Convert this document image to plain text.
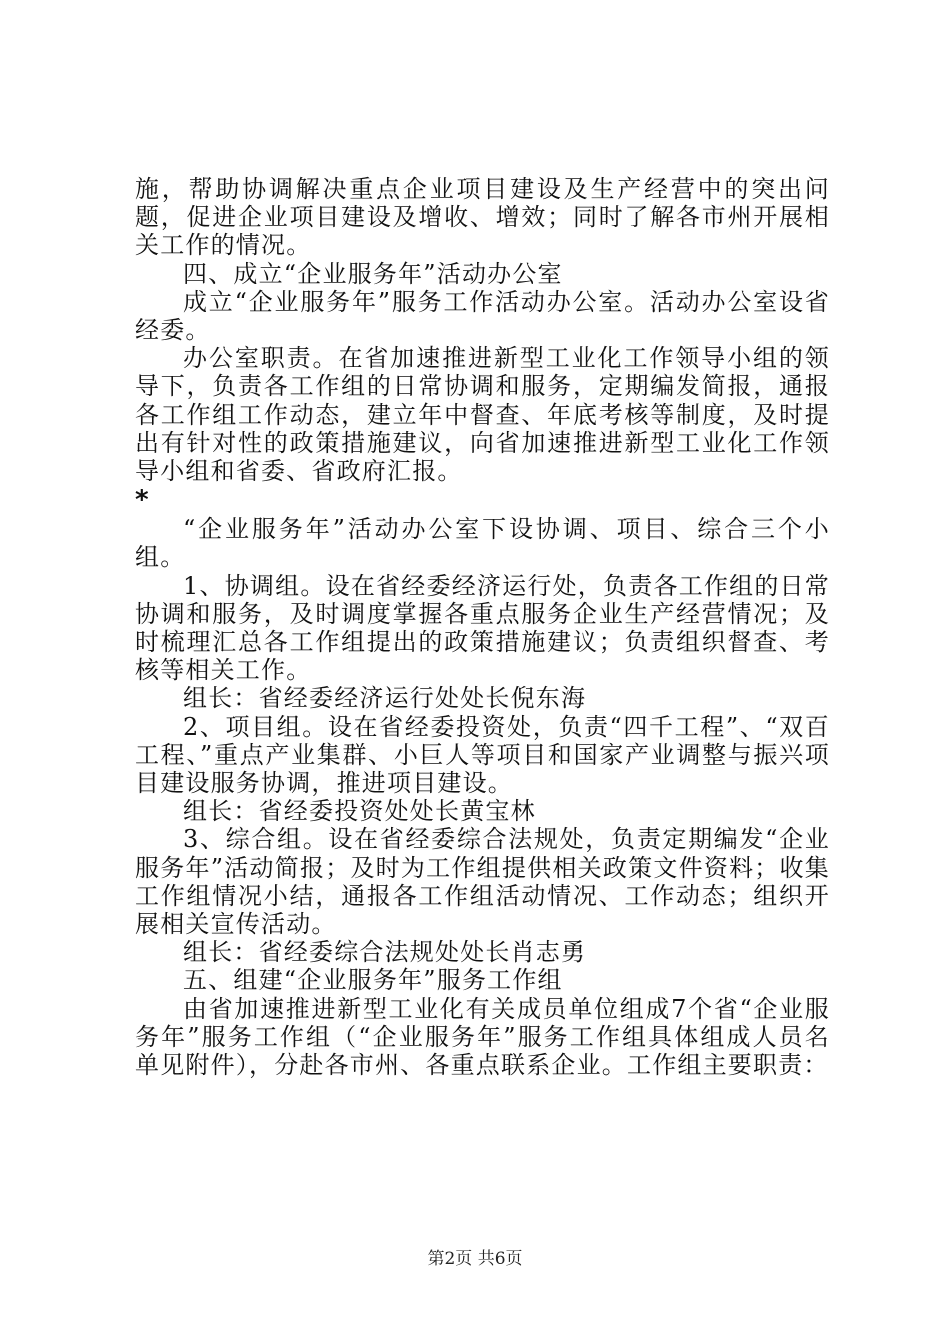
施，帮助协调解决重点企业项目建设及生产经营中的突出问题，促进企业项目建设及增收、增效；同时了解各市州开展相关工作的情况。

四、成立“企业服务年”活动办公室

成立“企业服务年”服务工作活动办公室。活动办公室设省经委。

办公室职责。在省加速推进新型工业化工作领导小组的领导下，负责各工作组的日常协调和服务，定期编发简报，通报各工作组工作动态，建立年中督查、年底考核等制度，及时提出有针对性的政策措施建议，向省加速推进新型工业化工作领导小组和省委、省政府汇报。

*

“企业服务年”活动办公室下设协调、项目、综合三个小组。

1、协调组。设在省经委经济运行处，负责各工作组的日常协调和服务，及时调度掌握各重点服务企业生产经营情况；及时梳理汇总各工作组提出的政策措施建议；负责组织督查、考核等相关工作。

组长：省经委经济运行处处长倪东海

2、项目组。设在省经委投资处，负责“四千工程”、“双百工程、”重点产业集群、小巨人等项目和国家产业调整与振兴项目建设服务协调，推进项目建设。

组长：省经委投资处处长黄宝林

3、综合组。设在省经委综合法规处，负责定期编发“企业服务年”活动简报；及时为工作组提供相关政策文件资料；收集工作组情况小结，通报各工作组活动情况、工作动态；组织开展相关宣传活动。

组长：省经委综合法规处处长肖志勇

五、组建“企业服务年”服务工作组

由省加速推进新型工业化有关成员单位组成7个省“企业服务年”服务工作组（“企业服务年”服务工作组具体组成人员名单见附件），分赴各市州、各重点联系企业。工作组主要职责：

第2页 共6页
